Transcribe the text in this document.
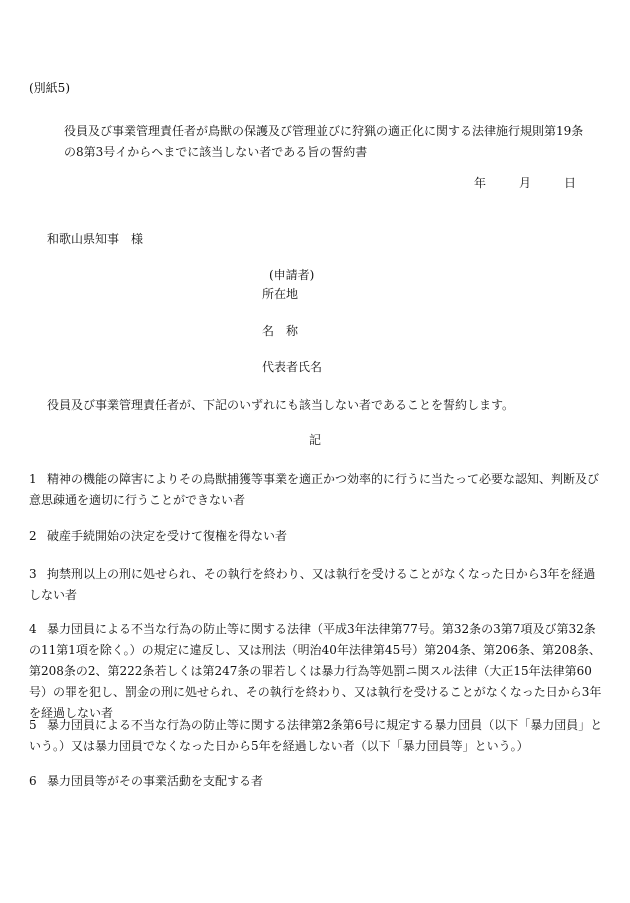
(別紙5)
役員及び事業管理責任者が鳥獣の保護及び管理並びに狩猟の適正化に関する法律施行規則第19条
の8第3号イからヘまでに該当しない者である旨の誓約書
年	月	日
和歌山県知事　様
(申請者)
所在地
名　称
代表者氏名
役員及び事業管理責任者が、下記のいずれにも該当しない者であることを誓約します。
記
1 精神の機能の障害によりその鳥獣捕獲等事業を適正かつ効率的に行うに当たって必要な認知、判断及び意思疎通を適切に行うことができない者
2 破産手続開始の決定を受けて復権を得ない者
3 拘禁刑以上の刑に処せられ、その執行を終わり、又は執行を受けることがなくなった日から3年を経過しない者
4 暴力団員による不当な行為の防止等に関する法律（平成3年法律第77号。第32条の3第7項及び第32条の11第1項を除く。）の規定に違反し、又は刑法（明治40年法律第45号）第204条、第206条、第208条、第208条の2、第222条若しくは第247条の罪若しくは暴力行為等処罰ニ関スル法律（大正15年法律第60号）の罪を犯し、罰金の刑に処せられ、その執行を終わり、又は執行を受けることがなくなった日から3年を経過しない者
5 暴力団員による不当な行為の防止等に関する法律第2条第6号に規定する暴力団員（以下「暴力団員」という。）又は暴力団員でなくなった日から5年を経過しない者（以下「暴力団員等」という。）
6 暴力団員等がその事業活動を支配する者
